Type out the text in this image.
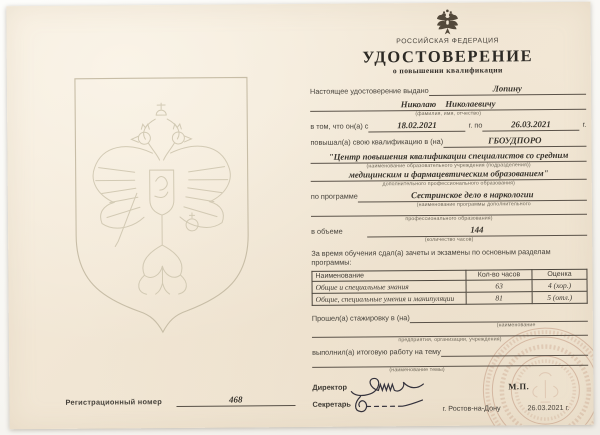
Регистрационный номер	468
РОССИЙСКАЯ ФЕДЕРАЦИЯ
УДОСТОВЕРЕНИЕ
о повышении квалификации
Настоящее удостоверение выдано	Лопину
Николаю Николаевичу
(фамилия, имя, отчество)
в том, что он(а) с	18.02.2021	г. по	26.03.2021	г.
повышал(а) свою квалификацию в (на)	ГБОУДПОРО
"Центр повышения квалификации специалистов со средним
(наименование образовательного учреждения (подразделения))
медицинским и фармацевтическим образованием"
дополнительного профессионального образования)
по программе	Сестринское дело в наркологии
(наименование программы дополнительного
профессионального образования)
в объеме	144
(количество часов)
За время обучения сдал(а) зачеты и экзамены по основным разделам программы:
Наименование	Кол-во часов	Оценка
Общие и специальные знания	63	4 (хор.)
Общие, специальные умения и манипуляции	81	5 (отл.)
Прошел(а) стажировку в (на)
(наименование
предприятия, организации, учреждения)
выполнил(а) итоговую работу на тему
(наименование темы)
Директор	М.П.
Секретарь	г. Ростов-на-Дону	26.03.2021 г.
